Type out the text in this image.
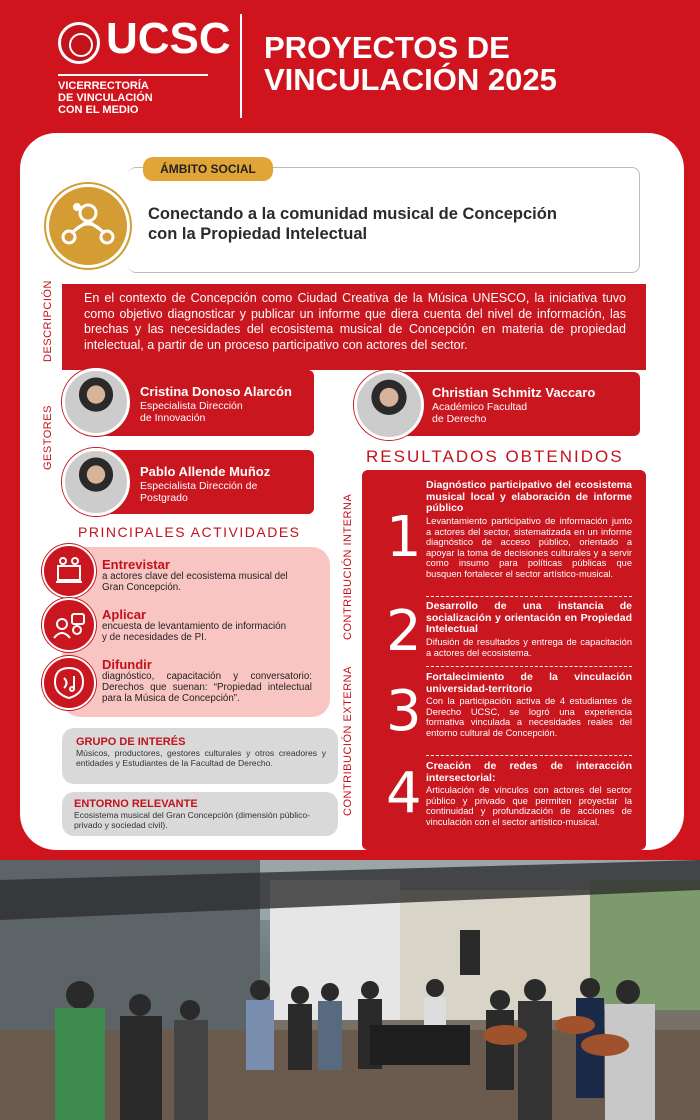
UCSC
VICERRECTORÍA
DE VINCULACIÓN
CON EL MEDIO
PROYECTOS DE
VINCULACIÓN 2025
ÁMBITO SOCIAL
Conectando a la comunidad musical de Concepción
con la Propiedad Intelectual
DESCRIPCIÓN	En el contexto de Concepción como Ciudad Creativa de la Música UNESCO, la iniciativa tuvo como objetivo diagnosticar y publicar un informe que diera cuenta del nivel de información, las brechas y las necesidades del ecosistema musical de Concepción en materia de propiedad intelectual, a partir de un proceso participativo con actores del sector.
GESTORES
Cristina Donoso Alarcón
Especialista Dirección
de Innovación
Pablo Allende Muñoz
Especialista Dirección de
Postgrado
Christian Schmitz Vaccaro
Académico Facultad
de Derecho
PRINCIPALES ACTIVIDADES
Entrevistar
a actores clave del ecosistema musical del Gran Concepción.
Aplicar
encuesta de levantamiento de información y de necesidades de PI.
Difundir
diagnóstico, capacitación y conversatorio: Derechos que suenan: “Propiedad intelectual para la Música de Concepción”.
GRUPO DE INTERÉS
Músicos, productores, gestores culturales y otros creadores y entidades y Estudiantes de la Facultad de Derecho.
ENTORNO RELEVANTE
Ecosistema musical del Gran Concepción (dimensión público-privado y sociedad civil).
RESULTADOS OBTENIDOS
CONTRIBUCIÓN INTERNA
CONTRIBUCIÓN EXTERNA
1
Diagnóstico participativo del ecosistema musical local y elaboración de informe público
Levantamiento participativo de información junto a actores del sector, sistematizada en un informe diagnóstico de acceso público, orientado a apoyar la toma de decisiones culturales y a servir como insumo para políticas públicas que busquen fortalecer el sector artístico-musical.
2 Desarrollo de una instancia de socialización y orientación en Propiedad Intelectual
Difusión de resultados y entrega de capacitación a actores del ecosistema.
3
Fortalecimiento de la vinculación universidad-territorio
Con la participación activa de 4 estudiantes de Derecho UCSC, se logró una experiencia formativa vinculada a necesidades reales del entorno cultural de Concepción.
4 Creación de redes de interacción intersectorial:
Articulación de vínculos con actores del sector público y privado que permiten proyectar la continuidad y profundización de acciones de vinculación con el sector artístico-musical.
